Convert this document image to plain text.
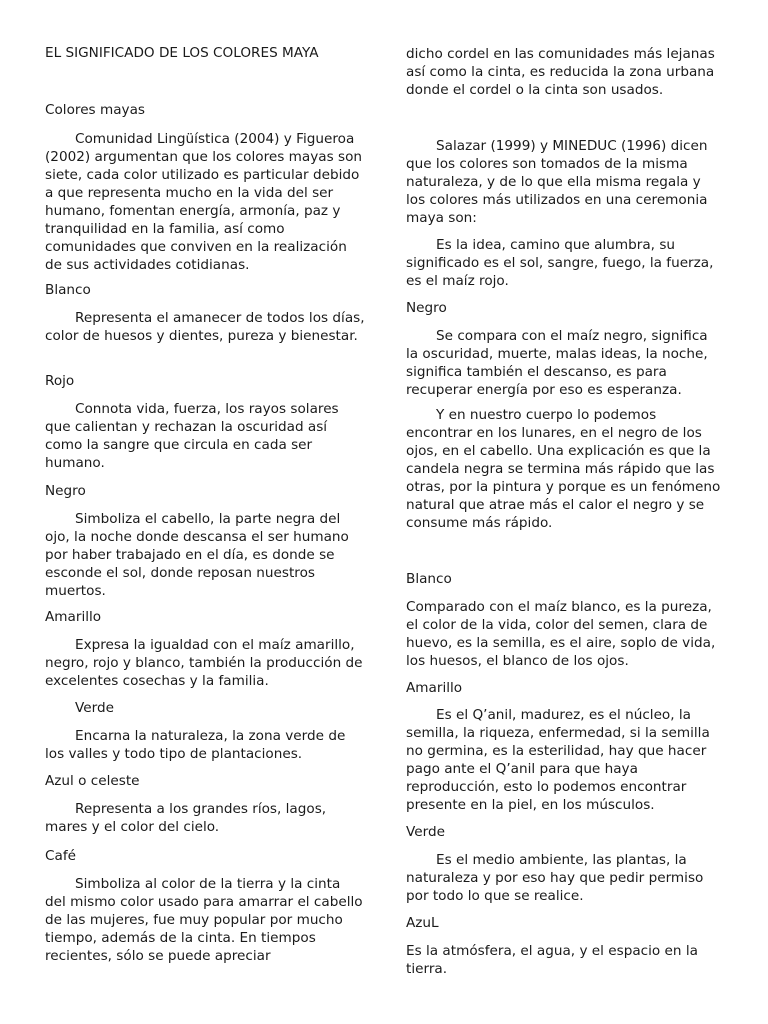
EL SIGNIFICADO DE LOS COLORES MAYA

Colores mayas

Comunidad Lingüística (2004) y Figueroa (2002) argumentan que los colores mayas son siete, cada color utilizado es particular debido a que representa mucho en la vida del ser humano, fomentan energía, armonía, paz y tranquilidad en la familia, así como comunidades que conviven en la realización de sus actividades cotidianas.

Blanco

Representa el amanecer de todos los días, color de huesos y dientes, pureza y bienestar.

Rojo

Connota vida, fuerza, los rayos solares que calientan y rechazan la oscuridad así como la sangre que circula en cada ser humano.

Negro

Simboliza el cabello, la parte negra del ojo, la noche donde descansa el ser humano por haber trabajado en el día, es donde se esconde el sol, donde reposan nuestros muertos.

Amarillo

Expresa la igualdad con el maíz amarillo, negro, rojo y blanco, también la producción de excelentes cosechas y la familia.

Verde

Encarna la naturaleza, la zona verde de los valles y todo tipo de plantaciones.

Azul o celeste

Representa a los grandes ríos, lagos, mares y el color del cielo.

Café

Simboliza al color de la tierra y la cinta del mismo color usado para amarrar el cabello de las mujeres, fue muy popular por mucho tiempo, además de la cinta. En tiempos recientes, sólo se puede apreciar

dicho cordel en las comunidades más lejanas así como la cinta, es reducida la zona urbana donde el cordel o la cinta son usados.

Salazar (1999) y MINEDUC (1996) dicen que los colores son tomados de la misma naturaleza, y de lo que ella misma regala y los colores más utilizados en una ceremonia maya son:

Es la idea, camino que alumbra, su significado es el sol, sangre, fuego, la fuerza, es el maíz rojo.

Negro

Se compara con el maíz negro, significa la oscuridad, muerte, malas ideas, la noche, significa también el descanso, es para recuperar energía por eso es esperanza.

Y en nuestro cuerpo lo podemos encontrar en los lunares, en el negro de los ojos, en el cabello. Una explicación es que la candela negra se termina más rápido que las otras, por la pintura y porque es un fenómeno natural que atrae más el calor el negro y se consume más rápido.

Blanco

Comparado con el maíz blanco, es la pureza, el color de la vida, color del semen, clara de huevo, es la semilla, es el aire, soplo de vida, los huesos, el blanco de los ojos.

Amarillo

Es el Q’anil, madurez, es el núcleo, la semilla, la riqueza, enfermedad, si la semilla no germina, es la esterilidad, hay que hacer pago ante el Q’anil para que haya reproducción, esto lo podemos encontrar presente en la piel, en los músculos.

Verde

Es el medio ambiente, las plantas, la naturaleza y por eso hay que pedir permiso por todo lo que se realice.

AzuL

Es la atmósfera, el agua, y el espacio en la tierra.
